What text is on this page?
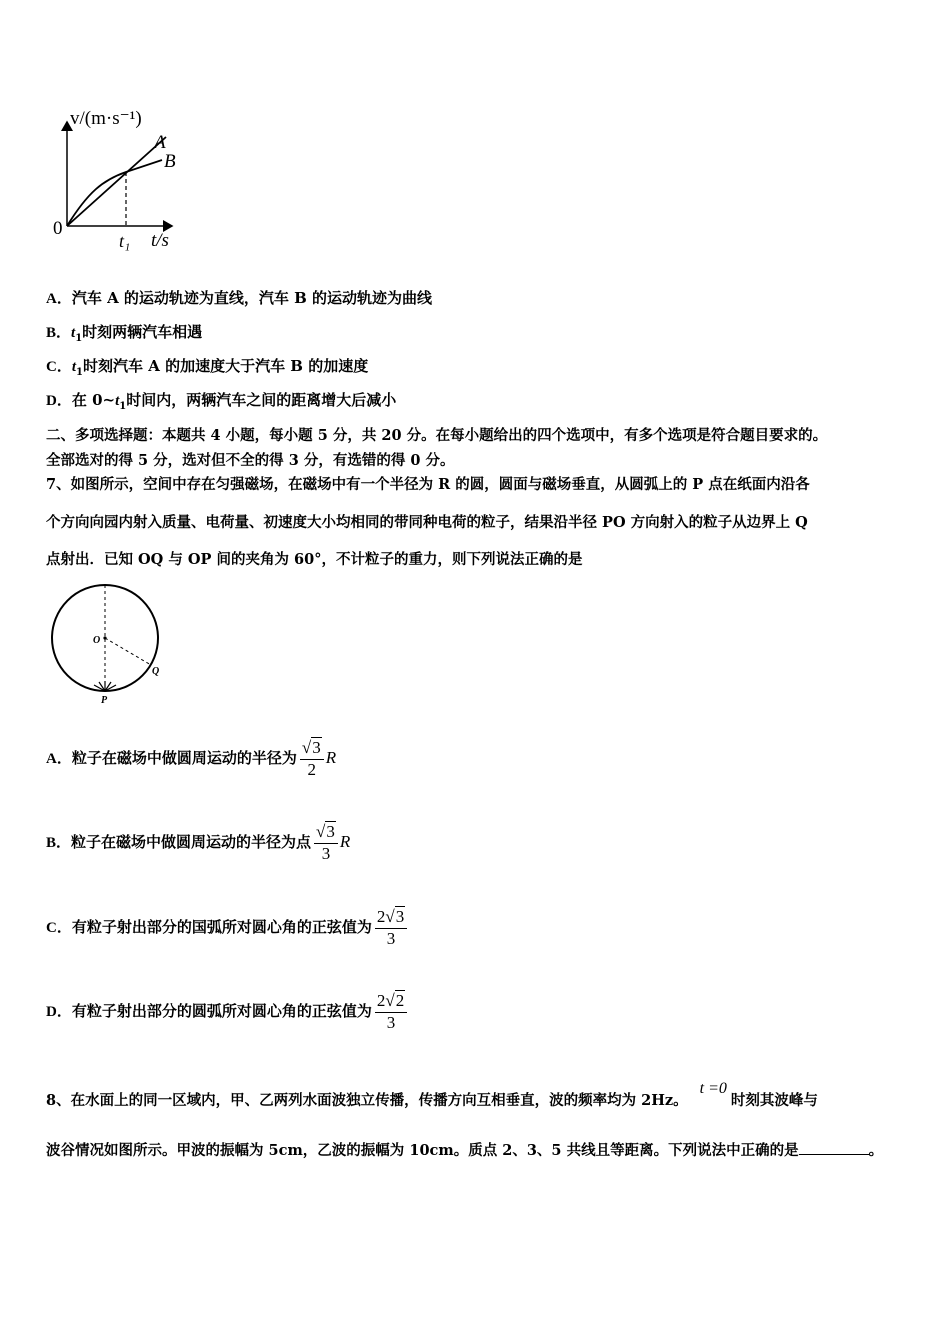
v/(m·s⁻¹)
t/s
0
A
B
t₁
A．汽车 A 的运动轨迹为直线，汽车 B 的运动轨迹为曲线
B．$t_1$时刻两辆汽车相遇
C．$t_1$时刻汽车 A 的加速度大于汽车 B 的加速度
D．在 $0\sim t_1$时间内，两辆汽车之间的距离增大后减小
二、多项选择题：本题共 4 小题，每小题 5 分，共 20 分。在每小题给出的四个选项中，有多个选项是符合题目要求的。
全部选对的得 5 分，选对但不全的得 3 分，有选错的得 0 分。
7、如图所示，空间中存在匀强磁场，在磁场中有一个半径为 R 的圆，圆面与磁场垂直，从圆弧上的 P 点在纸面内沿各
个方向向园内射入质量、电荷量、初速度大小均相同的带同种电荷的粒子，结果沿半径 PO 方向射入的粒子从边界上 Q
点射出．已知 OQ 与 OP 间的夹角为 60°，不计粒子的重力，则下列说法正确的是
O
Q
P
A．粒子在磁场中做圆周运动的半径为 $\frac{√3}{2}$ R
B．粒子在磁场中做圆周运动的半径为点 $\frac{√3}{3}$ R
C．有粒子射出部分的国弧所对圆心角的正弦值为 $\frac{2√3}{3}$
D．有粒子射出部分的圆弧所对圆心角的正弦值为 $\frac{2√2}{3}$
8、在水面上的同一区域内，甲、乙两列水面波独立传播，传播方向互相垂直，波的频率均为 2Hz。t =0时刻其波峰与
波谷情况如图所示。甲波的振幅为 5cm，乙波的振幅为 10cm。质点 2、3、5 共线且等距离。下列说法中正确的是	。
